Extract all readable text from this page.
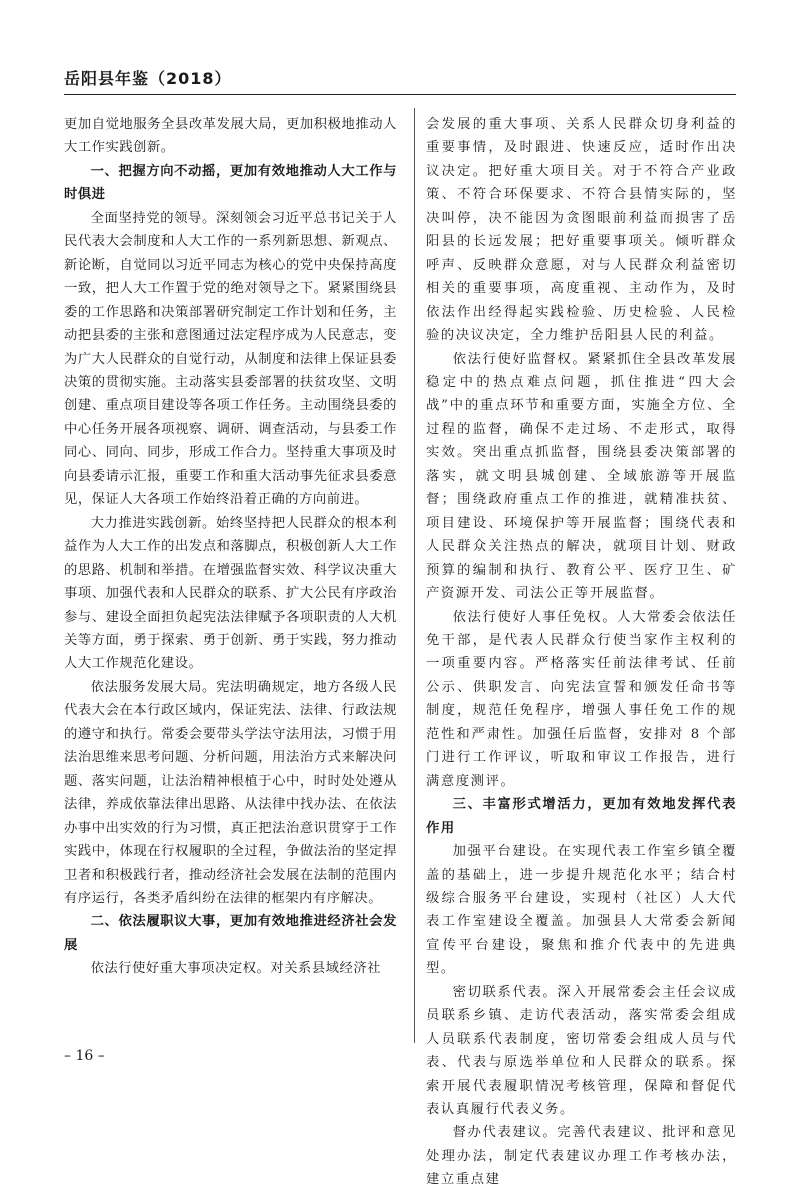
岳阳县年鉴（2018）

更加自觉地服务全县改革发展大局，更加积极地推动人大工作实践创新。

一、把握方向不动摇，更加有效地推动人大工作与时俱进

全面坚持党的领导。深刻领会习近平总书记关于人民代表大会制度和人大工作的一系列新思想、新观点、新论断，自觉同以习近平同志为核心的党中央保持高度一致，把人大工作置于党的绝对领导之下。紧紧围绕县委的工作思路和决策部署研究制定工作计划和任务，主动把县委的主张和意图通过法定程序成为人民意志，变为广大人民群众的自觉行动，从制度和法律上保证县委决策的贯彻实施。主动落实县委部署的扶贫攻坚、文明创建、重点项目建设等各项工作任务。主动围绕县委的中心任务开展各项视察、调研、调查活动，与县委工作同心、同向、同步，形成工作合力。坚持重大事项及时向县委请示汇报，重要工作和重大活动事先征求县委意见，保证人大各项工作始终沿着正确的方向前进。

大力推进实践创新。始终坚持把人民群众的根本利益作为人大工作的出发点和落脚点，积极创新人大工作的思路、机制和举措。在增强监督实效、科学议决重大事项、加强代表和人民群众的联系、扩大公民有序政治参与、建设全面担负起宪法法律赋予各项职责的人大机关等方面，勇于探索、勇于创新、勇于实践，努力推动人大工作规范化建设。

依法服务发展大局。宪法明确规定，地方各级人民代表大会在本行政区域内，保证宪法、法律、行政法规的遵守和执行。常委会要带头学法守法用法，习惯于用法治思维来思考问题、分析问题，用法治方式来解决问题、落实问题，让法治精神根植于心中，时时处处遵从法律，养成依靠法律出思路、从法律中找办法、在依法办事中出实效的行为习惯，真正把法治意识贯穿于工作实践中，体现在行权履职的全过程，争做法治的坚定捍卫者和积极践行者，推动经济社会发展在法制的范围内有序运行，各类矛盾纠纷在法律的框架内有序解决。

二、依法履职议大事，更加有效地推进经济社会发展

依法行使好重大事项决定权。对关系县域经济社

会发展的重大事项、关系人民群众切身利益的重要事情，及时跟进、快速反应，适时作出决议决定。把好重大项目关。对于不符合产业政策、不符合环保要求、不符合县情实际的，坚决叫停，决不能因为贪图眼前利益而损害了岳阳县的长远发展；把好重要事项关。倾听群众呼声、反映群众意愿，对与人民群众利益密切相关的重要事项，高度重视、主动作为，及时依法作出经得起实践检验、历史检验、人民检验的决议决定，全力维护岳阳县人民的利益。

依法行使好监督权。紧紧抓住全县改革发展稳定中的热点难点问题，抓住推进“四大会战”中的重点环节和重要方面，实施全方位、全过程的监督，确保不走过场、不走形式，取得实效。突出重点抓监督，围绕县委决策部署的落实，就文明县城创建、全域旅游等开展监督；围绕政府重点工作的推进，就精准扶贫、项目建设、环境保护等开展监督；围绕代表和人民群众关注热点的解决，就项目计划、财政预算的编制和执行、教育公平、医疗卫生、矿产资源开发、司法公正等开展监督。

依法行使好人事任免权。人大常委会依法任免干部，是代表人民群众行使当家作主权利的一项重要内容。严格落实任前法律考试、任前公示、供职发言、向宪法宣誓和颁发任命书等制度，规范任免程序，增强人事任免工作的规范性和严肃性。加强任后监督，安排对 8 个部门进行工作评议，听取和审议工作报告，进行满意度测评。

三、丰富形式增活力，更加有效地发挥代表作用

加强平台建设。在实现代表工作室乡镇全覆盖的基础上，进一步提升规范化水平；结合村级综合服务平台建设，实现村（社区）人大代表工作室建设全覆盖。加强县人大常委会新闻宣传平台建设，聚焦和推介代表中的先进典型。

密切联系代表。深入开展常委会主任会议成员联系乡镇、走访代表活动，落实常委会组成人员联系代表制度，密切常委会组成人员与代表、代表与原选举单位和人民群众的联系。探索开展代表履职情况考核管理，保障和督促代表认真履行代表义务。

督办代表建议。完善代表建议、批评和意见处理办法，制定代表建议办理工作考核办法，建立重点建

– 16 –
